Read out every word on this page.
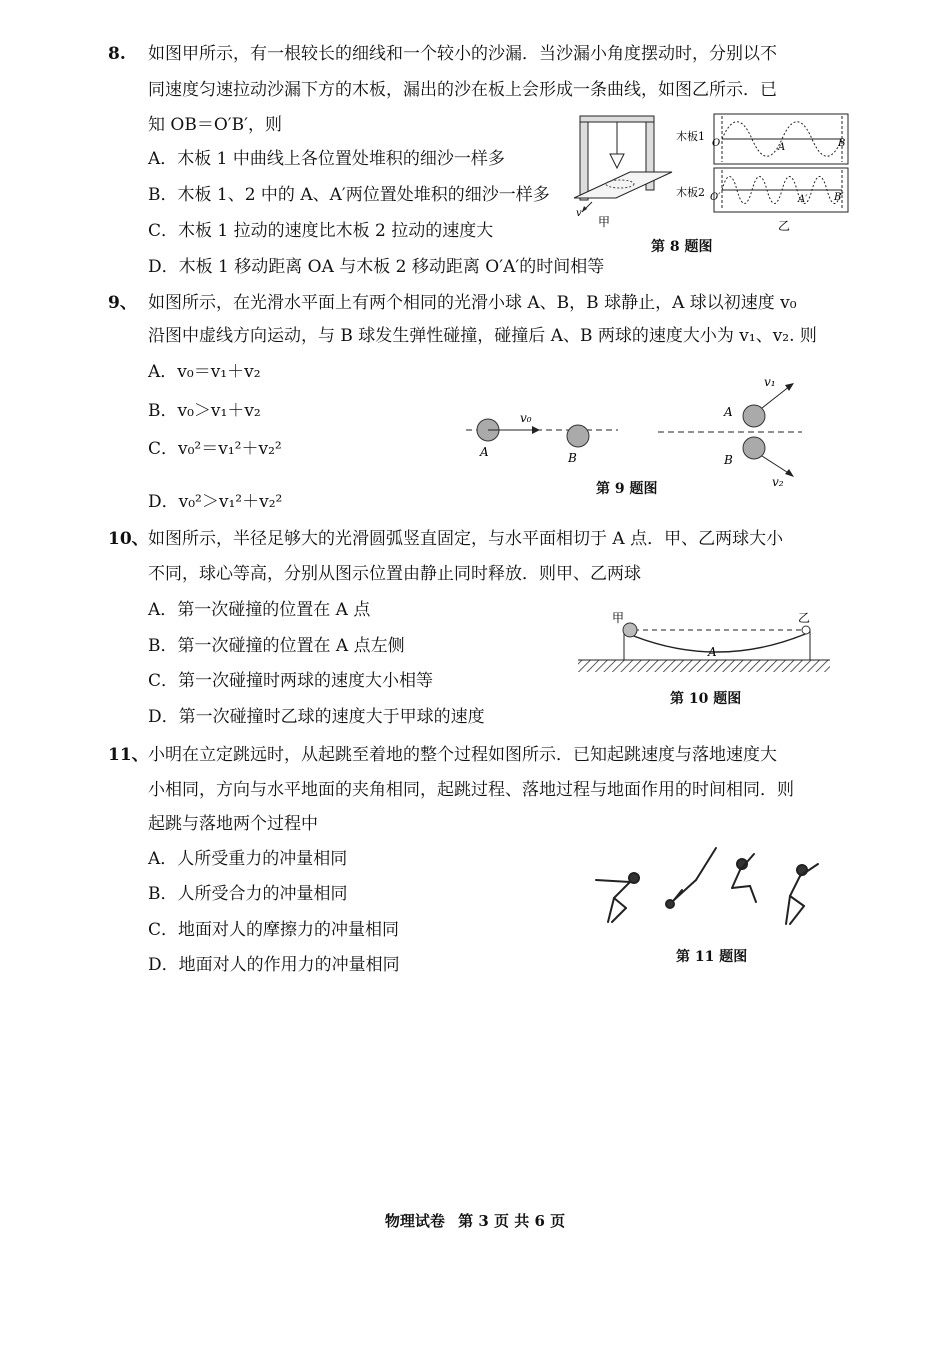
8. 如图甲所示，有一根较长的细线和一个较小的沙漏．当沙漏小角度摆动时，分别以不
同速度匀速拉动沙漏下方的木板，漏出的沙在板上会形成一条曲线，如图乙所示．已
知 OB＝O′B′，则
A．木板 1 中曲线上各位置处堆积的细沙一样多
B．木板 1、2 中的 A、A′两位置处堆积的细沙一样多
C．木板 1 拉动的速度比木板 2 拉动的速度大
D．木板 1 移动距离 OA 与木板 2 移动距离 O′A′的时间相等
v
甲
木板1
O	A	B
木板2 O′	A′	B′
乙
第 8 题图
9、 如图所示，在光滑水平面上有两个相同的光滑小球 A、B，B 球静止，A 球以初速度 v₀
沿图中虚线方向运动，与 B 球发生弹性碰撞，碰撞后 A、B 两球的速度大小为 v₁、v₂. 则
A．v₀＝v₁＋v₂
B．v₀＞v₁＋v₂
C．v₀²＝v₁²＋v₂²
D．v₀²＞v₁²＋v₂²
v₀
A	B
v₁
A
B
v₂
第 9 题图
10、 如图所示，半径足够大的光滑圆弧竖直固定，与水平面相切于 A 点．甲、乙两球大小
不同，球心等高，分别从图示位置由静止同时释放．则甲、乙两球
A．第一次碰撞的位置在 A 点
B．第一次碰撞的位置在 A 点左侧
C．第一次碰撞时两球的速度大小相等
D．第一次碰撞时乙球的速度大于甲球的速度
甲	乙
A
第 10 题图
11、 小明在立定跳远时，从起跳至着地的整个过程如图所示．已知起跳速度与落地速度大
小相同，方向与水平地面的夹角相同，起跳过程、落地过程与地面作用的时间相同．则
起跳与落地两个过程中
A．人所受重力的冲量相同
B．人所受合力的冲量相同
C．地面对人的摩擦力的冲量相同
D．地面对人的作用力的冲量相同	第 11 题图
物理试卷 第 3 页 共 6 页
